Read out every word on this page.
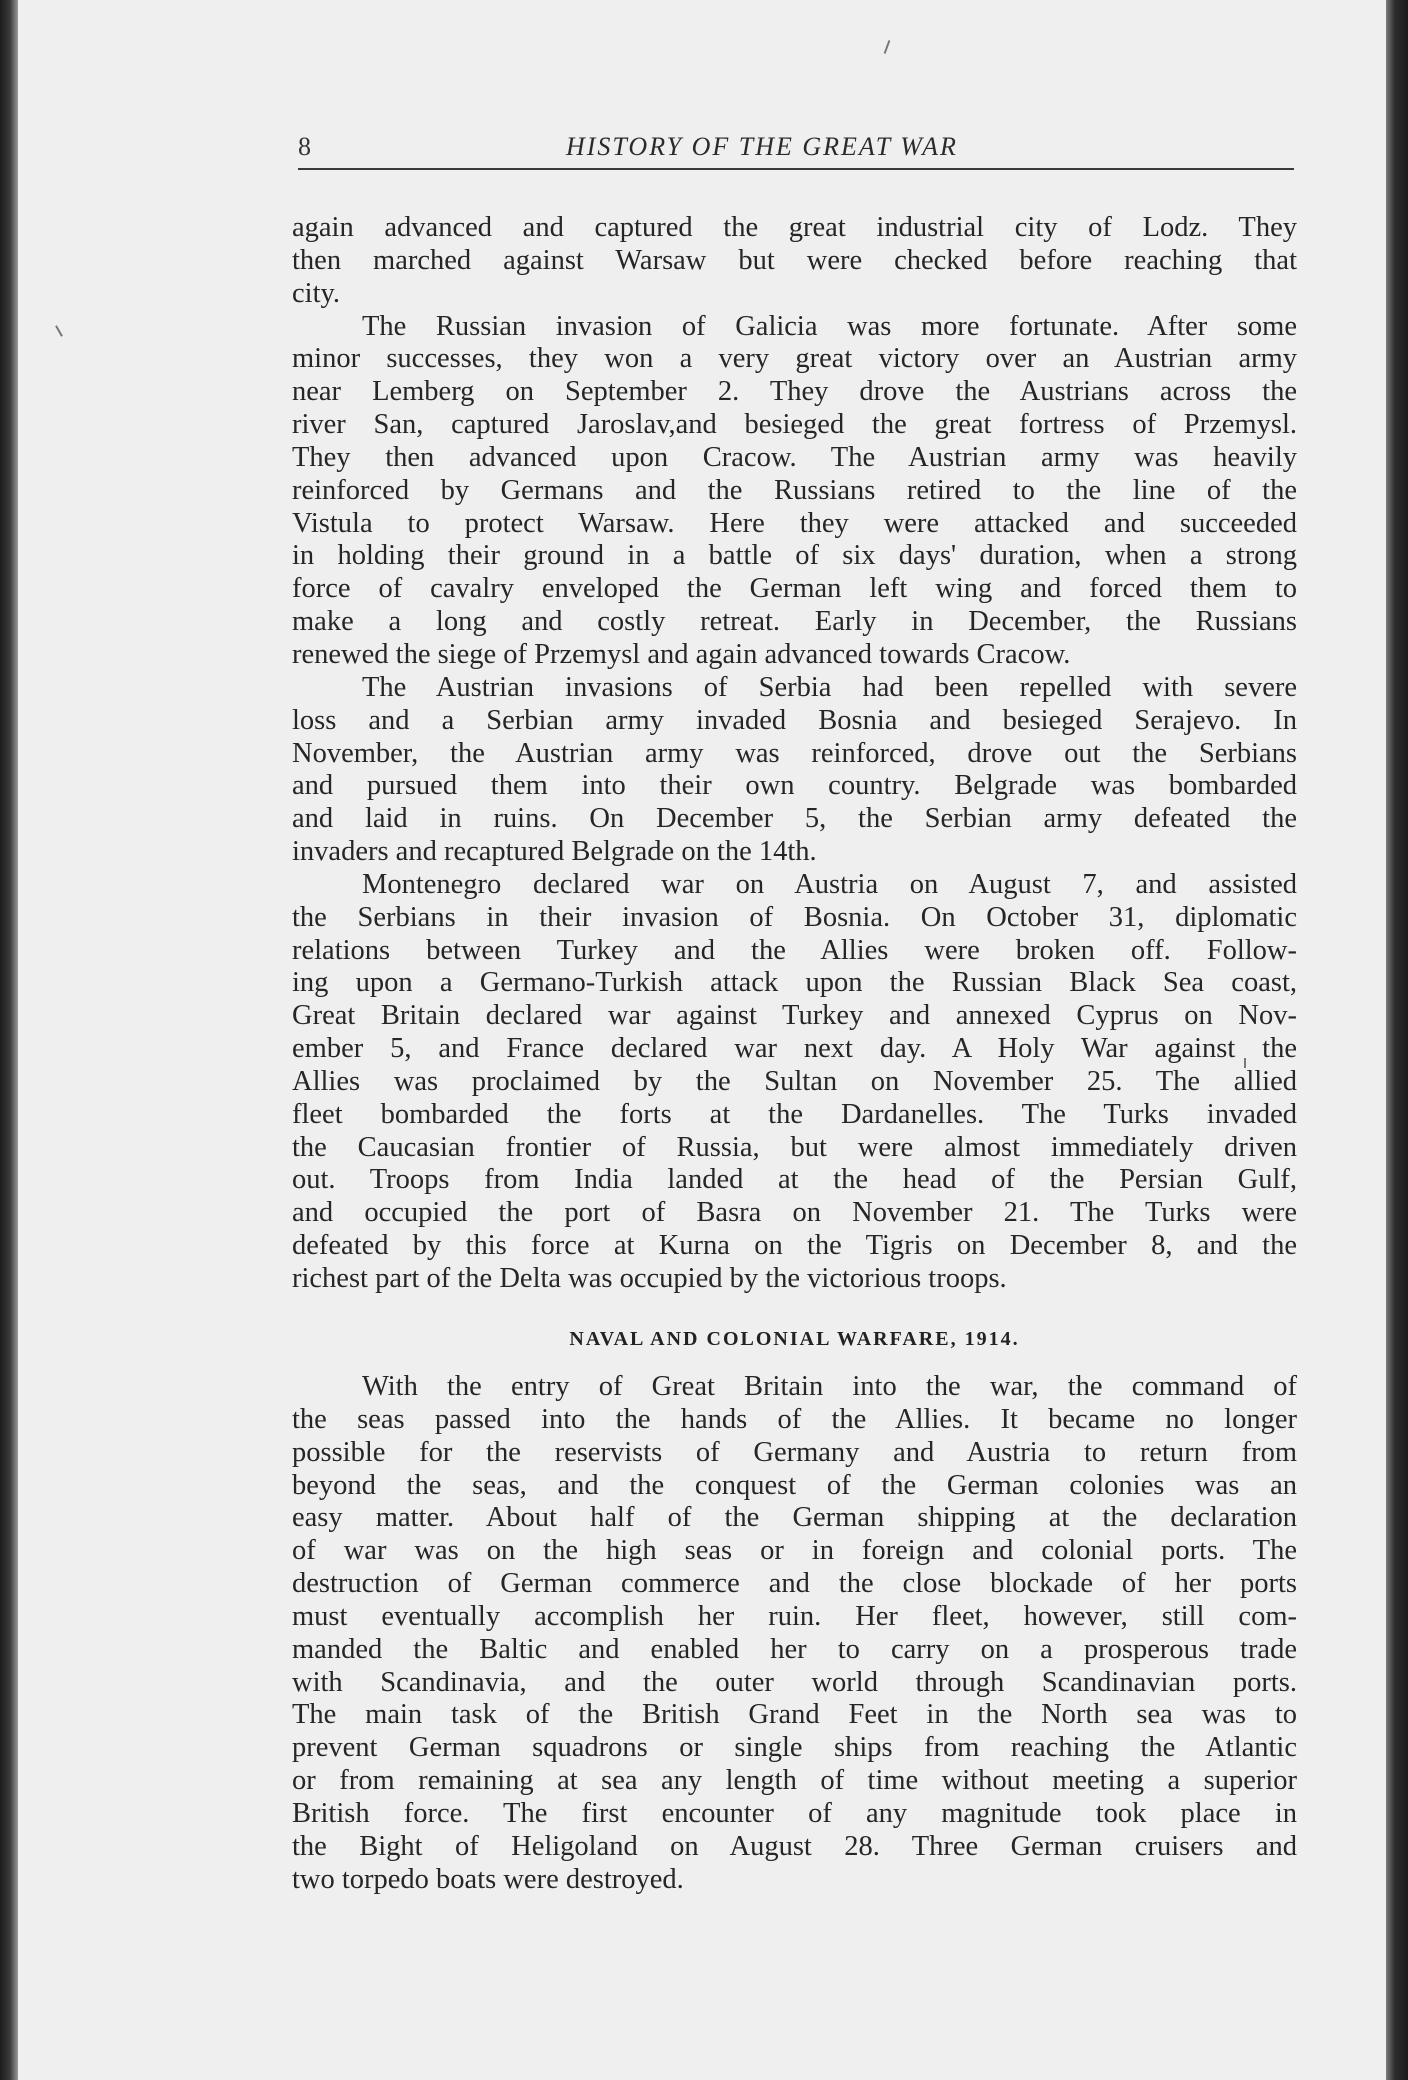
8	HISTORY OF THE GREAT WAR
again advanced and captured the great industrial city of Lodz. They
then marched against Warsaw but were checked before reaching that
city.
The Russian invasion of Galicia was more fortunate. After some
minor successes, they won a very great victory over an Austrian army
near Lemberg on September 2. They drove the Austrians across the
river San, captured Jaroslav,and besieged the great fortress of Przemysl.
They then advanced upon Cracow. The Austrian army was heavily
reinforced by Germans and the Russians retired to the line of the
Vistula to protect Warsaw. Here they were attacked and succeeded
in holding their ground in a battle of six days' duration, when a strong
force of cavalry enveloped the German left wing and forced them to
make a long and costly retreat. Early in December, the Russians
renewed the siege of Przemysl and again advanced towards Cracow.
The Austrian invasions of Serbia had been repelled with severe
loss and a Serbian army invaded Bosnia and besieged Serajevo. In
November, the Austrian army was reinforced, drove out the Serbians
and pursued them into their own country. Belgrade was bombarded
and laid in ruins. On December 5, the Serbian army defeated the
invaders and recaptured Belgrade on the 14th.
Montenegro declared war on Austria on August 7, and assisted
the Serbians in their invasion of Bosnia. On October 31, diplomatic
relations between Turkey and the Allies were broken off. Follow-
ing upon a Germano-Turkish attack upon the Russian Black Sea coast,
Great Britain declared war against Turkey and annexed Cyprus on Nov-
ember 5, and France declared war next day. A Holy War against the
Allies was proclaimed by the Sultan on November 25. The allied
fleet bombarded the forts at the Dardanelles. The Turks invaded
the Caucasian frontier of Russia, but were almost immediately driven
out. Troops from India landed at the head of the Persian Gulf,
and occupied the port of Basra on November 21. The Turks were
defeated by this force at Kurna on the Tigris on December 8, and the
richest part of the Delta was occupied by the victorious troops.
NAVAL AND COLONIAL WARFARE, 1914.
With the entry of Great Britain into the war, the command of
the seas passed into the hands of the Allies. It became no longer
possible for the reservists of Germany and Austria to return from
beyond the seas, and the conquest of the German colonies was an
easy matter. About half of the German shipping at the declaration
of war was on the high seas or in foreign and colonial ports. The
destruction of German commerce and the close blockade of her ports
must eventually accomplish her ruin. Her fleet, however, still com-
manded the Baltic and enabled her to carry on a prosperous trade
with Scandinavia, and the outer world through Scandinavian ports.
The main task of the British Grand Feet in the North sea was to
prevent German squadrons or single ships from reaching the Atlantic
or from remaining at sea any length of time without meeting a superior
British force. The first encounter of any magnitude took place in
the Bight of Heligoland on August 28. Three German cruisers and
two torpedo boats were destroyed.
